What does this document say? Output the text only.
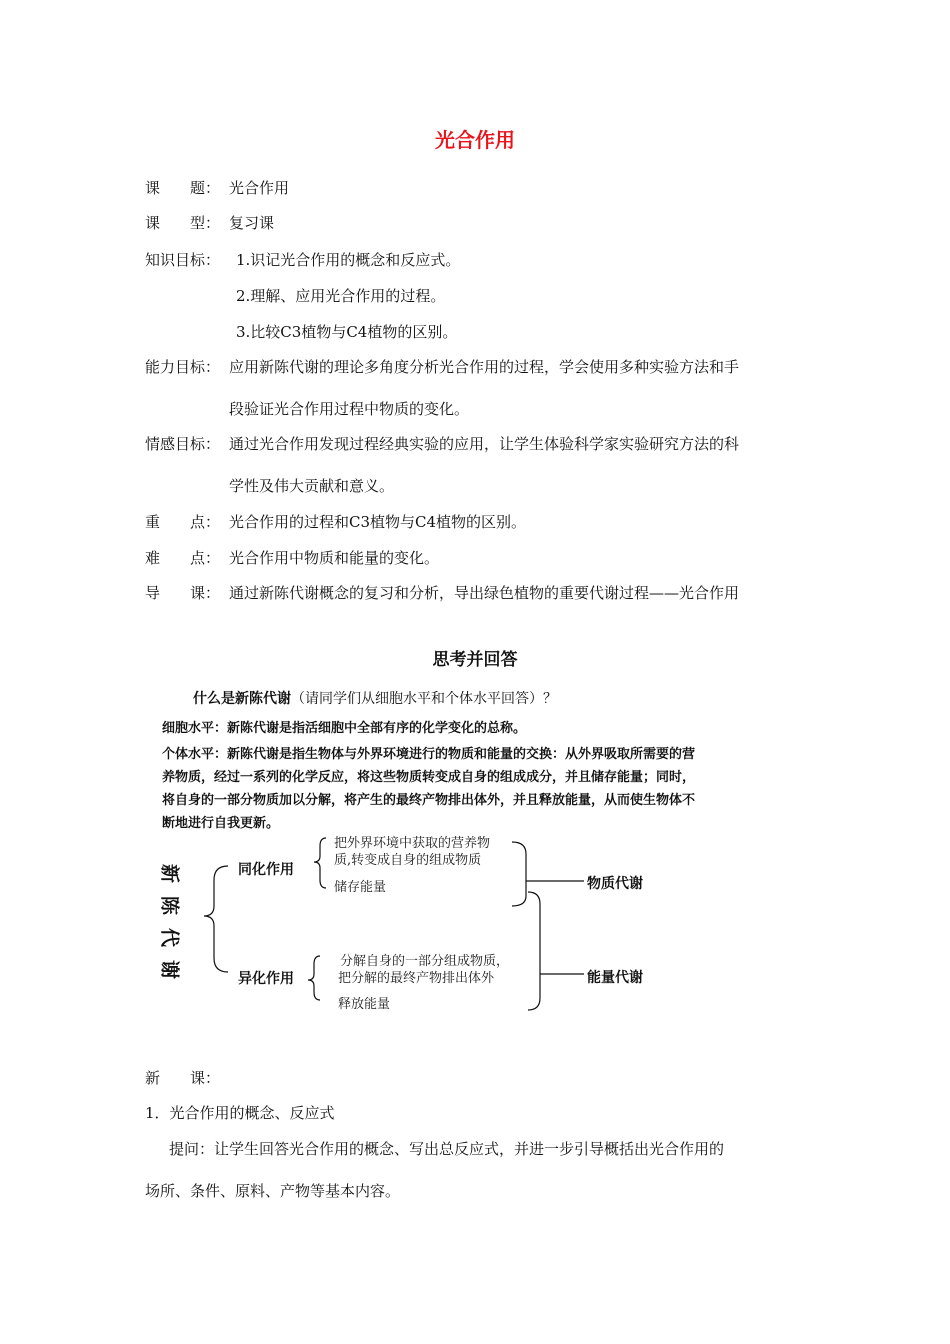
光合作用
课　　题： 光合作用
课　　型： 复习课
知识目标： 1.识记光合作用的概念和反应式。
2.理解、应用光合作用的过程。
3.比较C3植物与C4植物的区别。
能力目标： 应用新陈代谢的理论多角度分析光合作用的过程，学会使用多种实验方法和手
段验证光合作用过程中物质的变化。
情感目标： 通过光合作用发现过程经典实验的应用，让学生体验科学家实验研究方法的科
学性及伟大贡献和意义。
重　　点： 光合作用的过程和C3植物与C4植物的区别。
难　　点： 光合作用中物质和能量的变化。
导　　课： 通过新陈代谢概念的复习和分析，导出绿色植物的重要代谢过程——光合作用
思考并回答
什么是新陈代谢（请同学们从细胞水平和个体水平回答）？
细胞水平：新陈代谢是指活细胞中全部有序的化学变化的总称。
个体水平：新陈代谢是指生物体与外界环境进行的物质和能量的交换：从外界吸取所需要的营养物质，经过一系列的化学反应，将这些物质转变成自身的组成成分，并且储存能量；同时，将自身的一部分物质加以分解，将产生的最终产物排出体外，并且释放能量，从而使生物体不断地进行自我更新。
新
陈
代
谢
同化作用
把外界环境中获取的营养物
质,转变成自身的组成物质
储存能量
异化作用
分解自身的一部分组成物质，
把分解的最终产物排出体外
释放能量
物质代谢
能量代谢
新　　课：
1．光合作用的概念、反应式
提问：让学生回答光合作用的概念、写出总反应式，并进一步引导概括出光合作用的
场所、条件、原料、产物等基本内容。
